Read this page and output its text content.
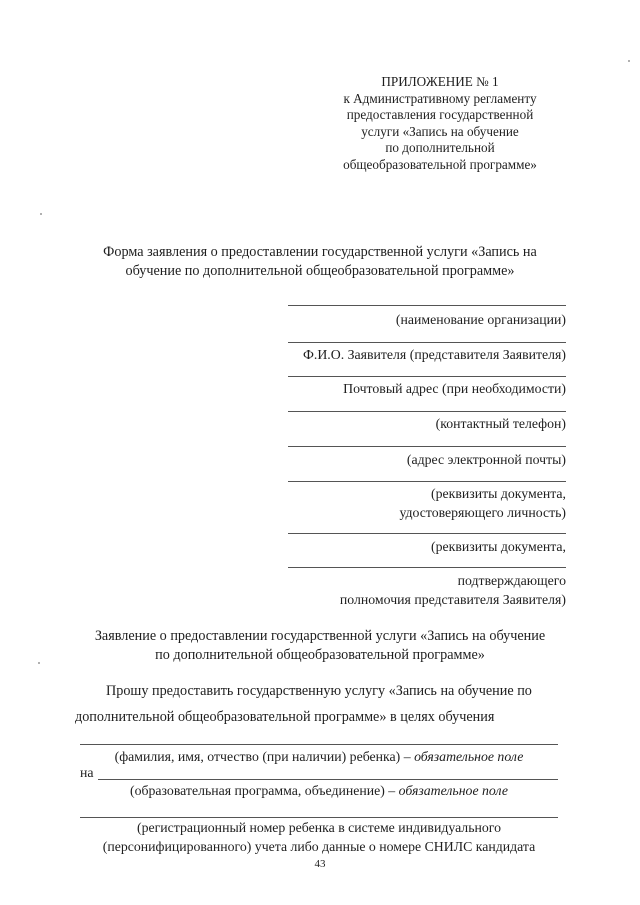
ПРИЛОЖЕНИЕ № 1
к Административному регламенту
предоставления государственной
услуги «Запись на обучение
по дополнительной
общеобразовательной программе»
Форма заявления о предоставлении государственной услуги «Запись на
обучение по дополнительной общеобразовательной программе»
(наименование организации)
Ф.И.О. Заявителя (представителя Заявителя)
Почтовый адрес (при необходимости)
(контактный телефон)
(адрес электронной почты)
(реквизиты документа,
удостоверяющего личность)
(реквизиты документа,
подтверждающего
полномочия представителя Заявителя)
Заявление о предоставлении государственной услуги «Запись на обучение
по дополнительной общеобразовательной программе»
Прошу предоставить государственную услугу «Запись на обучение по
дополнительной общеобразовательной программе» в целях обучения
(фамилия, имя, отчество (при наличии) ребенка) – обязательное поле
на
(образовательная программа, объединение) – обязательное поле
(регистрационный номер ребенка в системе индивидуального
(персонифицированного) учета либо данные о номере СНИЛС кандидата
43
